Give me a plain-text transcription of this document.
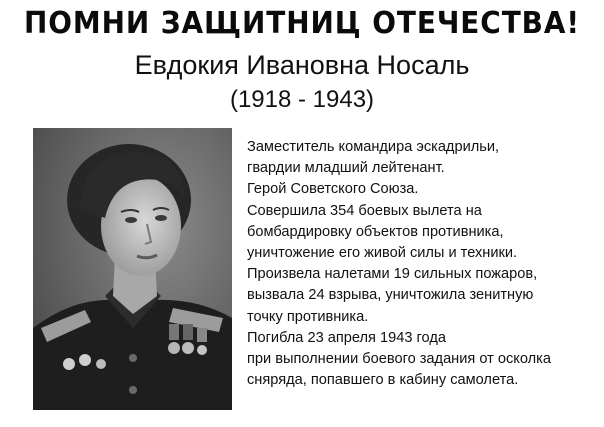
ПОМНИ ЗАЩИТНИЦ ОТЕЧЕСТВА!
Евдокия Ивановна Носаль
(1918 - 1943)
Заместитель командира эскадрильи,
гвардии младший лейтенант.
Герой Советского Союза.
Совершила 354 боевых вылета на
бомбардировку объектов противника,
уничтожение его живой силы и техники.
Произвела налетами 19 сильных пожаров,
вызвала 24 взрыва, уничтожила зенитную
точку противника.
Погибла 23 апреля 1943 года
при выполнении боевого задания от осколка
сняряда, попавшего в кабину самолета.
